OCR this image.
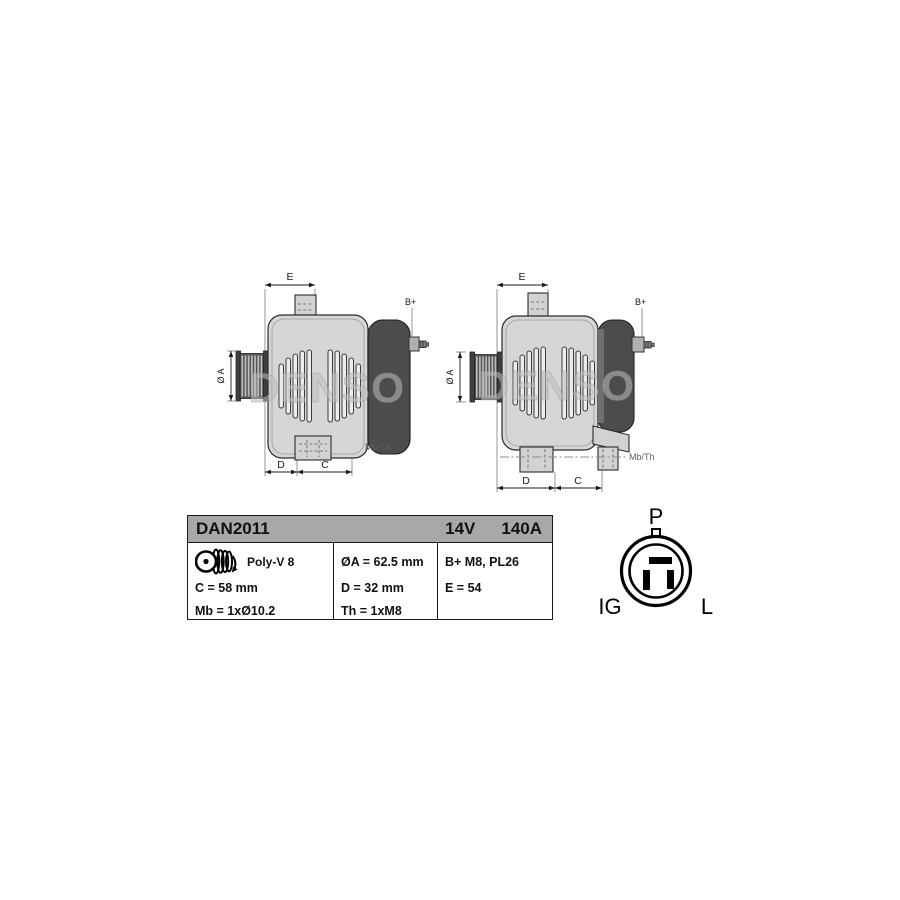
E
B+
Mb/Th
Ø A DENSO
D	C
E
Mb/Th
B+
Ø A DENSO
D	C
DAN2011	14V 140A
Poly-V 8
C = 58 mm
Mb = 1xØ10.2
ØA = 62.5 mm
D = 32 mm
Th = 1xM8
B+ M8, PL26
E = 54
P
IG	L
